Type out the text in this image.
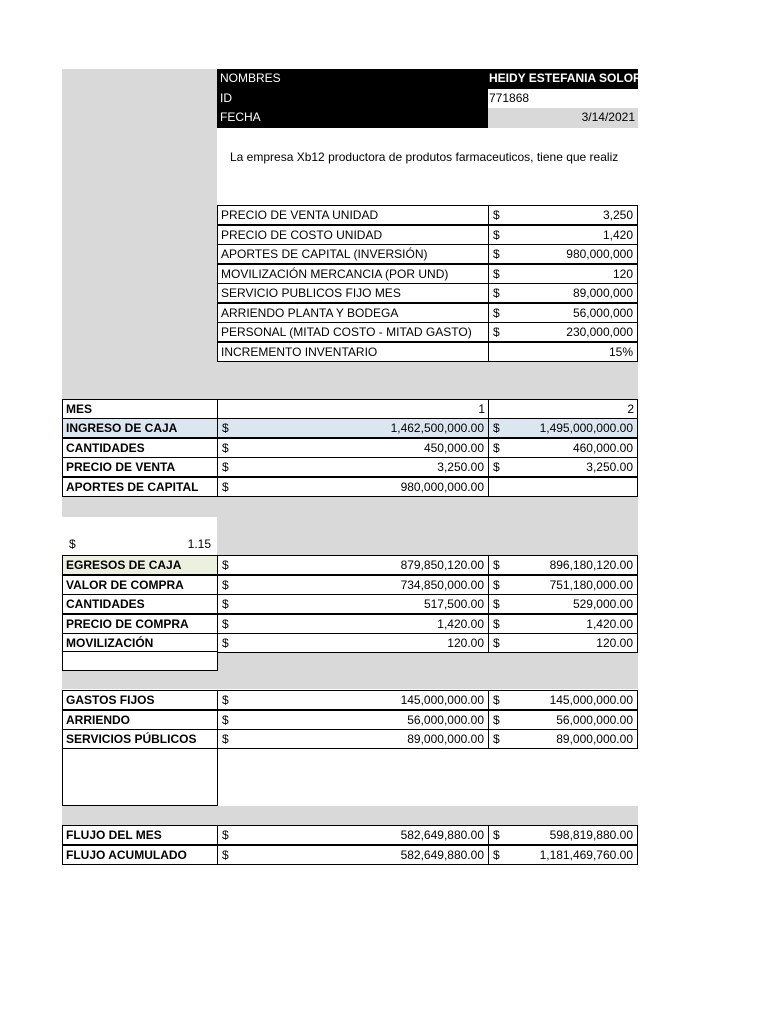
NOMBRES	HEIDY ESTEFANIA SOLORZA
ID	771868
FECHA	3/14/2021
La empresa Xb12 productora de produtos farmaceuticos, tiene que realiz
PRECIO DE VENTA UNIDAD	$	3,250
PRECIO DE COSTO UNIDAD	$	1,420
APORTES DE CAPITAL (INVERSIÓN)	$	980,000,000
MOVILIZACIÓN MERCANCIA (POR UND)	$	120
SERVICIO PUBLICOS FIJO MES	$	89,000,000
ARRIENDO PLANTA Y BODEGA	$	56,000,000
PERSONAL (MITAD COSTO - MITAD GASTO)	$	230,000,000
INCREMENTO INVENTARIO	15%
MES	1	2
INGRESO DE CAJA	$	1,462,500,000.00 $	1,495,000,000.00
CANTIDADES	$	450,000.00 $	460,000.00
PRECIO DE VENTA	$	3,250.00 $	3,250.00
APORTES DE CAPITAL	$	980,000,000.00
$	1.15
EGRESOS DE CAJA	$	879,850,120.00 $	896,180,120.00
VALOR DE COMPRA	$	734,850,000.00 $	751,180,000.00
CANTIDADES	$	517,500.00 $	529,000.00
PRECIO DE COMPRA	$	1,420.00 $	1,420.00
MOVILIZACIÓN	$	120.00 $	120.00
GASTOS FIJOS	$	145,000,000.00 $	145,000,000.00
ARRIENDO	$	56,000,000.00 $	56,000,000.00
SERVICIOS PÚBLICOS	$	89,000,000.00 $	89,000,000.00
FLUJO DEL MES	$	582,649,880.00 $	598,819,880.00
FLUJO ACUMULADO	$	582,649,880.00 $	1,181,469,760.00
